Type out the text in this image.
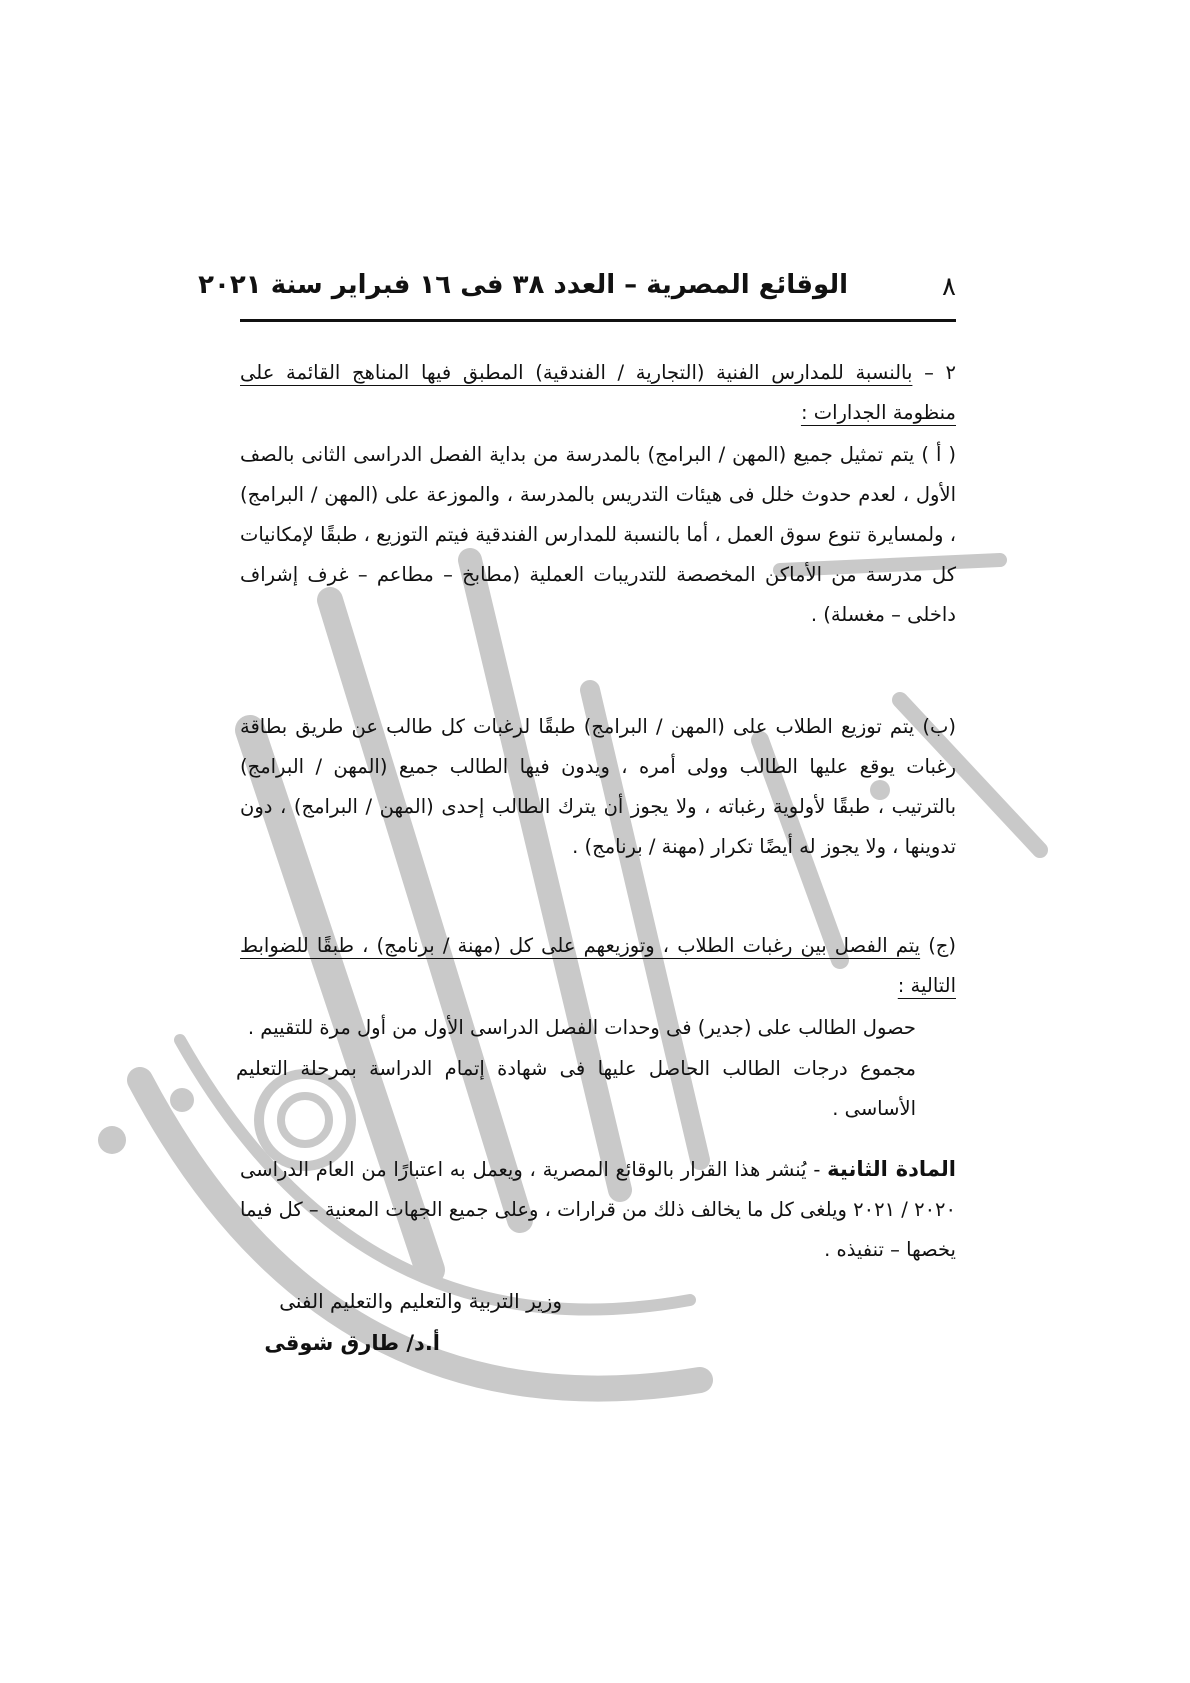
٨
الوقائع المصرية – العدد ٣٨ فى ١٦ فبراير سنة ٢٠٢١

٢ – بالنسبة للمدارس الفنية (التجارية / الفندقية) المطبق فيها المناهج القائمة على منظومة الجدارات :

( أ ) يتم تمثيل جميع (المهن / البرامج) بالمدرسة من بداية الفصل الدراسى الثانى بالصف الأول ، لعدم حدوث خلل فى هيئات التدريس بالمدرسة ، والموزعة على (المهن / البرامج) ، ولمسايرة تنوع سوق العمل ، أما بالنسبة للمدارس الفندقية فيتم التوزيع ، طبقًا لإمكانيات كل مدرسة من الأماكن المخصصة للتدريبات العملية (مطابخ – مطاعم – غرف إشراف داخلى – مغسلة) .

(ب) يتم توزيع الطلاب على (المهن / البرامج) طبقًا لرغبات كل طالب عن طريق بطاقة رغبات يوقع عليها الطالب وولى أمره ، ويدون فيها الطالب جميع (المهن / البرامج) بالترتيب ، طبقًا لأولوية رغباته ، ولا يجوز أن يترك الطالب إحدى (المهن / البرامج) ، دون تدوينها ، ولا يجوز له أيضًا تكرار (مهنة / برنامج) .

(ج) يتم الفصل بين رغبات الطلاب ، وتوزيعهم على كل (مهنة / برنامج) ، طبقًا للضوابط التالية :

حصول الطالب على (جدير) فى وحدات الفصل الدراسى الأول من أول مرة للتقييم .
مجموع درجات الطالب الحاصل عليها فى شهادة إتمام الدراسة بمرحلة التعليم الأساسى .

المادة الثانية - يُنشر هذا القرار بالوقائع المصرية ، ويعمل به اعتبارًا من العام الدراسى ٢٠٢٠ / ٢٠٢١ ويلغى كل ما يخالف ذلك من قرارات ، وعلى جميع الجهات المعنية – كل فيما يخصها – تنفيذه .

وزير التربية والتعليم والتعليم الفنى
أ.د/ طارق شوقى
